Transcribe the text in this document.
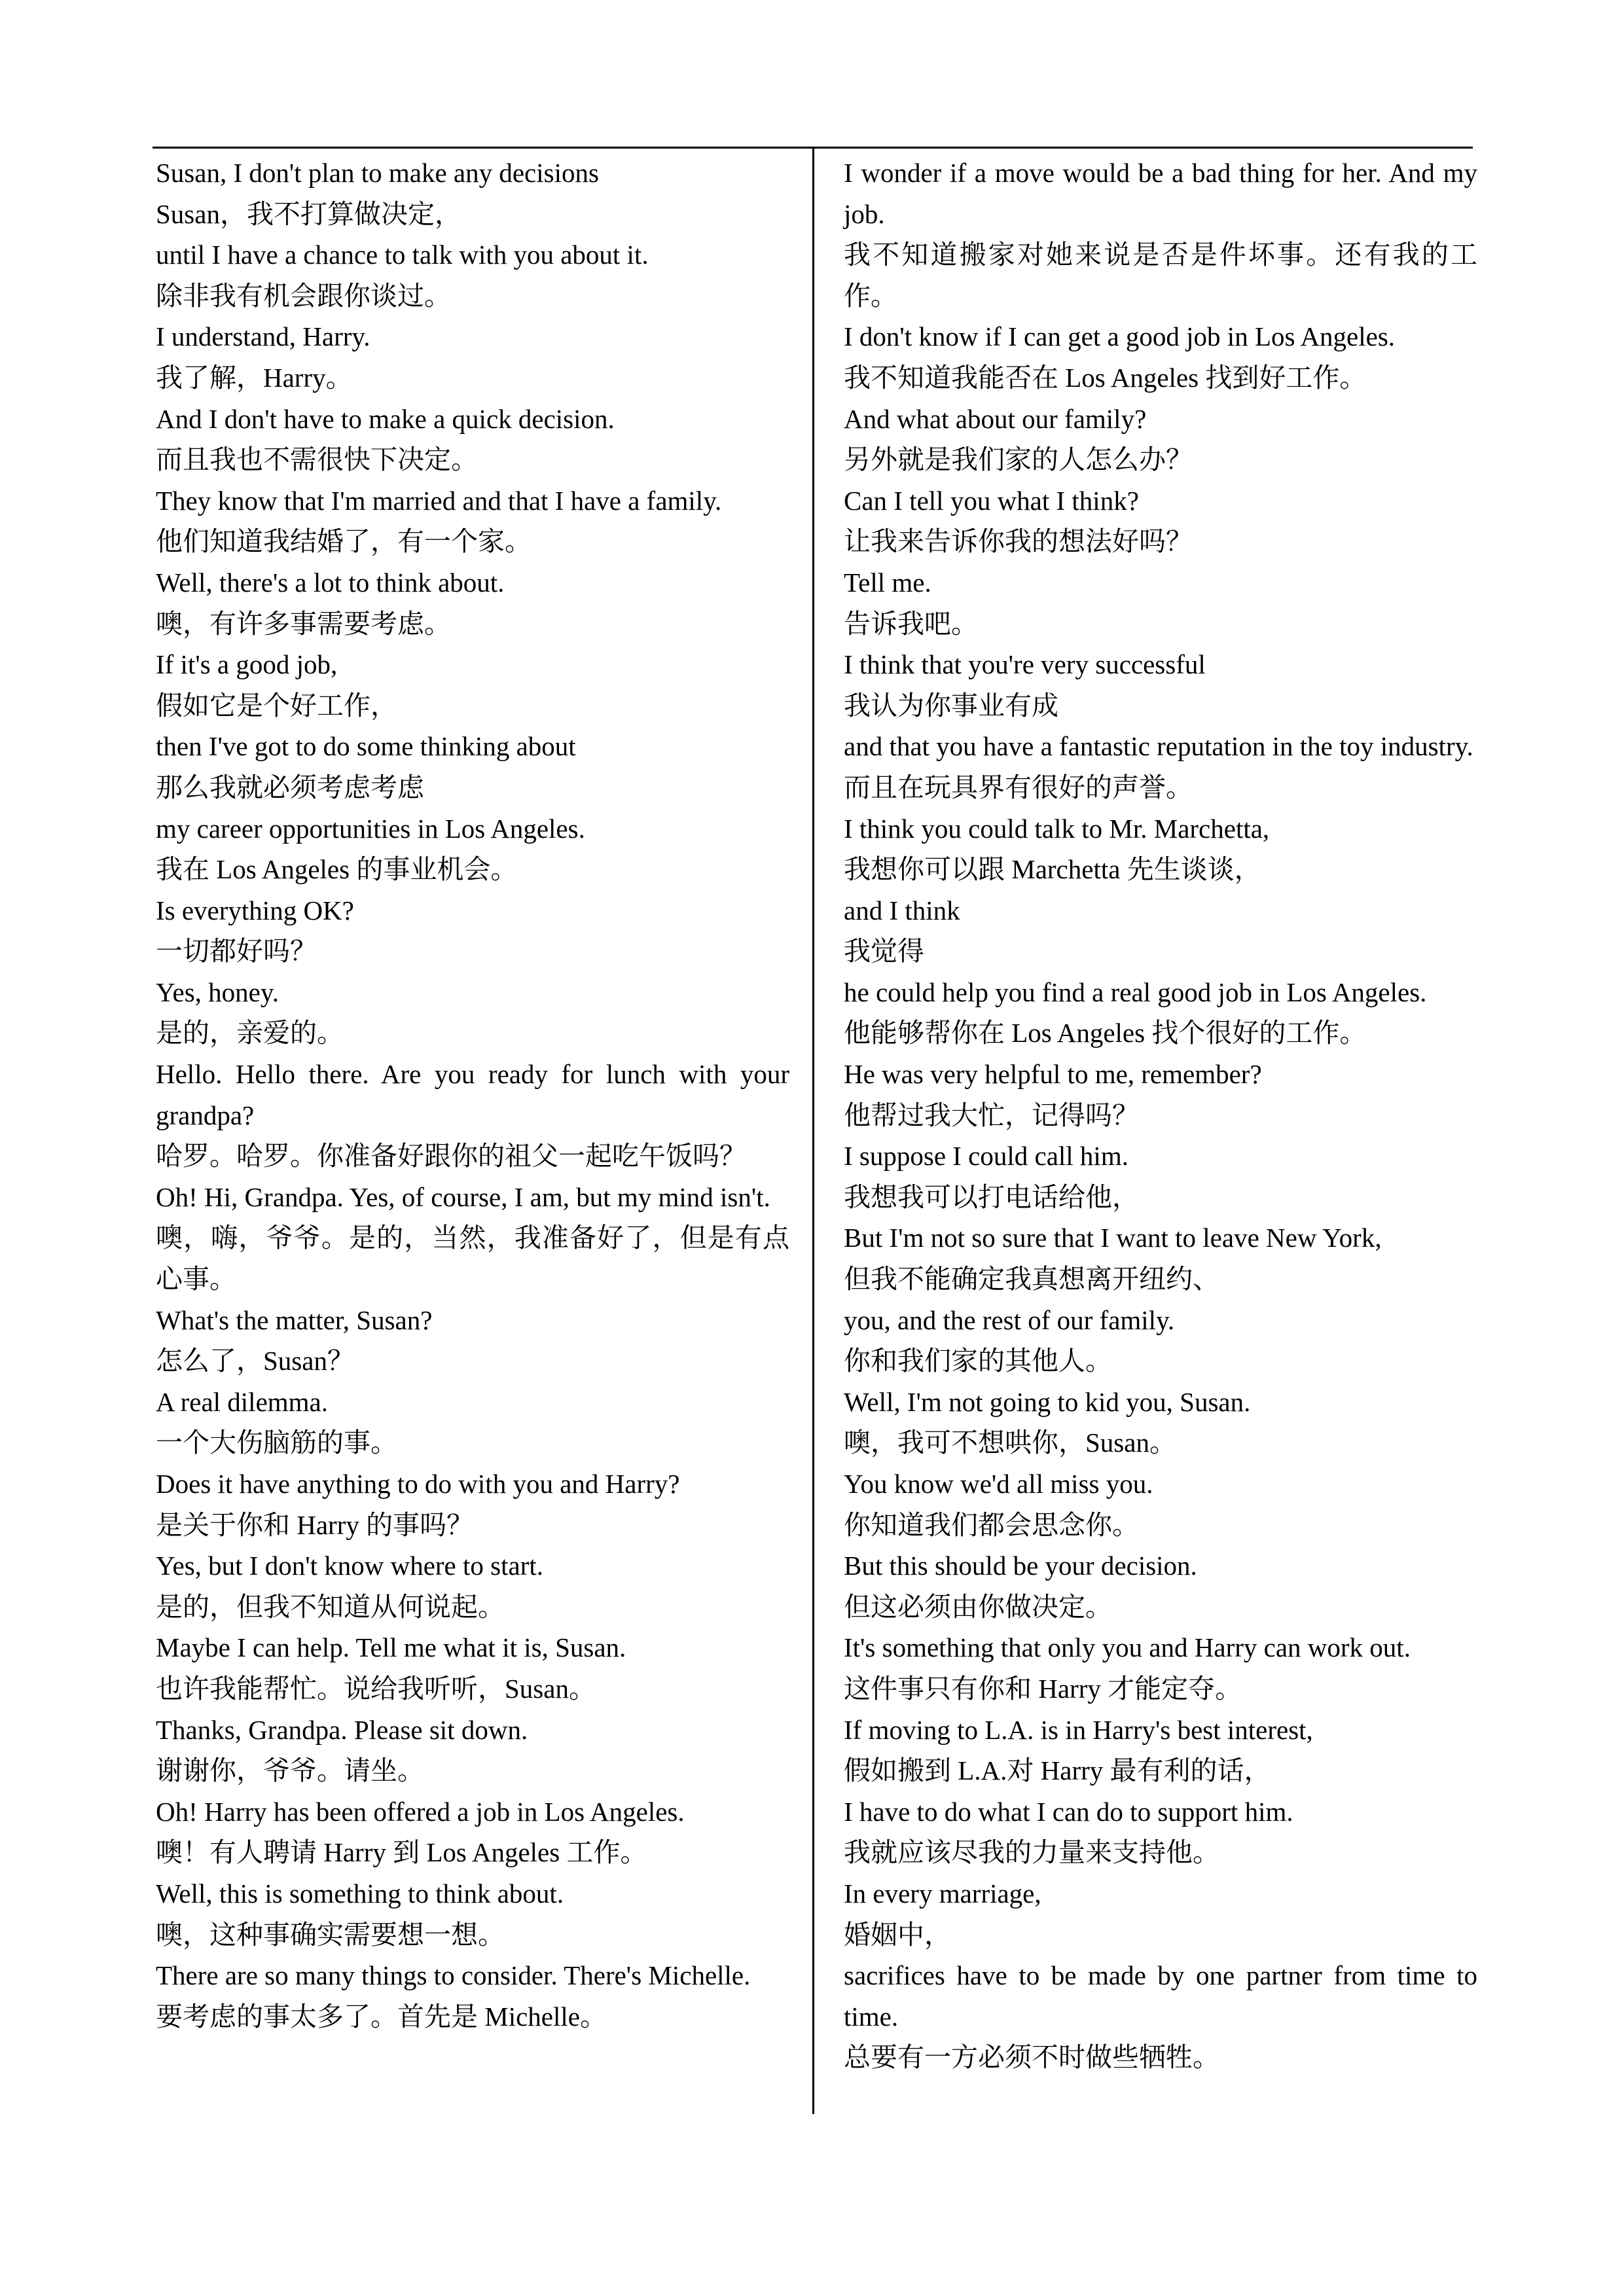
Susan, I don't plan to make any decisions
Susan，我不打算做决定，
until I have a chance to talk with you about it.
除非我有机会跟你谈过。
I understand, Harry.
我了解，Harry。
And I don't have to make a quick decision.
而且我也不需很快下决定。
They know that I'm married and that I have a family.
他们知道我结婚了，有一个家。
Well, there's a lot to think about.
噢，有许多事需要考虑。
If it's a good job,
假如它是个好工作，
then I've got to do some thinking about
那么我就必须考虑考虑
my career opportunities in Los Angeles.
我在 Los Angeles 的事业机会。
Is everything OK?
一切都好吗？
Yes, honey.
是的，亲爱的。
Hello. Hello there. Are you ready for lunch with your grandpa?
哈罗。哈罗。你准备好跟你的祖父一起吃午饭吗？
Oh! Hi, Grandpa. Yes, of course, I am, but my mind isn't.
噢，嗨，爷爷。是的，当然，我准备好了，但是有点心事。
What's the matter, Susan?
怎么了，Susan？
A real dilemma.
一个大伤脑筋的事。
Does it have anything to do with you and Harry?
是关于你和 Harry 的事吗？
Yes, but I don't know where to start.
是的，但我不知道从何说起。
Maybe I can help. Tell me what it is, Susan.
也许我能帮忙。说给我听听，Susan。
Thanks, Grandpa. Please sit down.
谢谢你，爷爷。请坐。
Oh! Harry has been offered a job in Los Angeles.
噢！有人聘请 Harry 到 Los Angeles 工作。
Well, this is something to think about.
噢，这种事确实需要想一想。
There are so many things to consider. There's Michelle.
要考虑的事太多了。首先是 Michelle。
I wonder if a move would be a bad thing for her. And my job.
我不知道搬家对她来说是否是件坏事。还有我的工作。
I don't know if I can get a good job in Los Angeles.
我不知道我能否在 Los Angeles 找到好工作。
And what about our family?
另外就是我们家的人怎么办？
Can I tell you what I think?
让我来告诉你我的想法好吗？
Tell me.
告诉我吧。
I think that you're very successful
我认为你事业有成
and that you have a fantastic reputation in the toy industry.
而且在玩具界有很好的声誉。
I think you could talk to Mr. Marchetta,
我想你可以跟 Marchetta 先生谈谈，
and I think
我觉得
he could help you find a real good job in Los Angeles.
他能够帮你在 Los Angeles 找个很好的工作。
He was very helpful to me, remember?
他帮过我大忙，记得吗？
I suppose I could call him.
我想我可以打电话给他，
But I'm not so sure that I want to leave New York,
但我不能确定我真想离开纽约、
you, and the rest of our family.
你和我们家的其他人。
Well, I'm not going to kid you, Susan.
噢，我可不想哄你，Susan。
You know we'd all miss you.
你知道我们都会思念你。
But this should be your decision.
但这必须由你做决定。
It's something that only you and Harry can work out.
这件事只有你和 Harry 才能定夺。
If moving to L.A. is in Harry's best interest,
假如搬到 L.A.对 Harry 最有利的话，
I have to do what I can do to support him.
我就应该尽我的力量来支持他。
In every marriage,
婚姻中，
sacrifices have to be made by one partner from time to time.
总要有一方必须不时做些牺牲。
